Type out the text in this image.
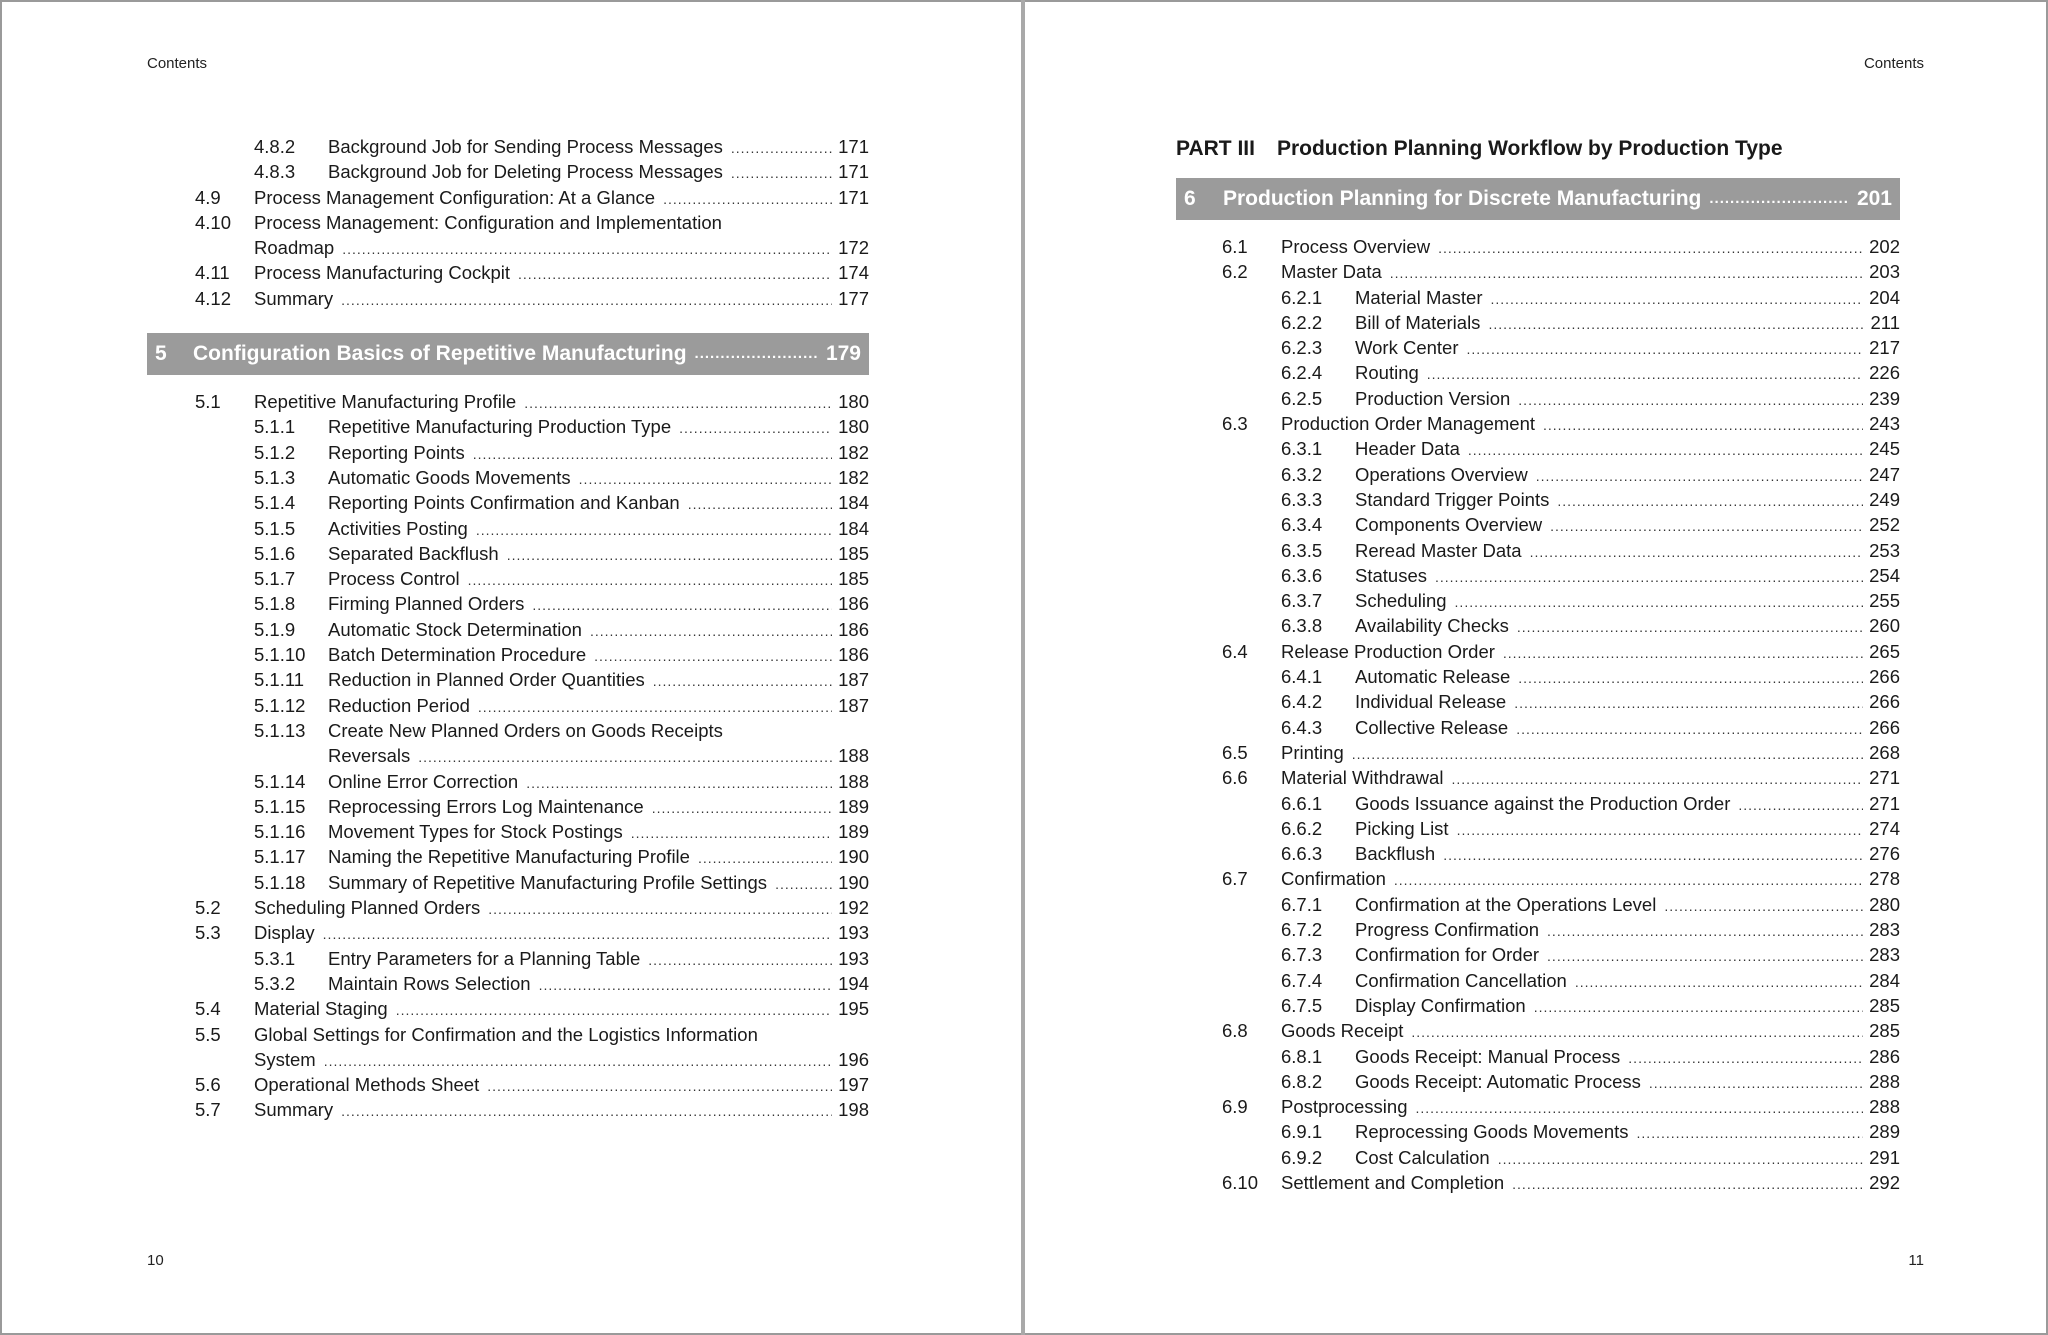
Contents
4.8.2 Background Job for Sending Process Messages .....	171
4.8.3 Background Job for Deleting Process Messages .....	171
4.9 Process Management Configuration: At a Glance .....	171
4.10 Process Management: Configuration and Implementation
Roadmap .....	172
4.11 Process Manufacturing Cockpit .....	174
4.12 Summary .....	177
5 Configuration Basics of Repetitive Manufacturing .....	179
5.1 Repetitive Manufacturing Profile .....	180
5.1.1 Repetitive Manufacturing Production Type .....	180
5.1.2 Reporting Points .....	182
5.1.3 Automatic Goods Movements .....	182
5.1.4 Reporting Points Confirmation and Kanban .....	184
5.1.5 Activities Posting .....	184
5.1.6 Separated Backflush .....	185
5.1.7 Process Control .....	185
5.1.8 Firming Planned Orders .....	186
5.1.9 Automatic Stock Determination .....	186
5.1.10 Batch Determination Procedure .....	186
5.1.11 Reduction in Planned Order Quantities .....	187
5.1.12 Reduction Period .....	187
5.1.13 Create New Planned Orders on Goods Receipts
Reversals .....	188
5.1.14 Online Error Correction .....	188
5.1.15 Reprocessing Errors Log Maintenance .....	189
5.1.16 Movement Types for Stock Postings .....	189
5.1.17 Naming the Repetitive Manufacturing Profile .....	190
5.1.18 Summary of Repetitive Manufacturing Profile Settings .....	190
5.2 Scheduling Planned Orders .....	192
5.3 Display .....	193
5.3.1 Entry Parameters for a Planning Table .....	193
5.3.2 Maintain Rows Selection .....	194
5.4 Material Staging .....	195
5.5 Global Settings for Confirmation and the Logistics Information
System .....	196
5.6 Operational Methods Sheet .....	197
5.7 Summary .....	198
10
Contents
PART III Production Planning Workflow by Production Type
6 Production Planning for Discrete Manufacturing .....	201
6.1 Process Overview .....	202
6.2 Master Data .....	203
6.2.1 Material Master .....	204
6.2.2 Bill of Materials .....	211
6.2.3 Work Center .....	217
6.2.4 Routing .....	226
6.2.5 Production Version .....	239
6.3 Production Order Management .....	243
6.3.1 Header Data .....	245
6.3.2 Operations Overview .....	247
6.3.3 Standard Trigger Points .....	249
6.3.4 Components Overview .....	252
6.3.5 Reread Master Data .....	253
6.3.6 Statuses .....	254
6.3.7 Scheduling .....	255
6.3.8 Availability Checks .....	260
6.4 Release Production Order .....	265
6.4.1 Automatic Release .....	266
6.4.2 Individual Release .....	266
6.4.3 Collective Release .....	266
6.5 Printing .....	268
6.6 Material Withdrawal .....	271
6.6.1 Goods Issuance against the Production Order .....	271
6.6.2 Picking List .....	274
6.6.3 Backflush .....	276
6.7 Confirmation .....	278
6.7.1 Confirmation at the Operations Level .....	280
6.7.2 Progress Confirmation .....	283
6.7.3 Confirmation for Order .....	283
6.7.4 Confirmation Cancellation .....	284
6.7.5 Display Confirmation .....	285
6.8 Goods Receipt .....	285
6.8.1 Goods Receipt: Manual Process .....	286
6.8.2 Goods Receipt: Automatic Process .....	288
6.9 Postprocessing .....	288
6.9.1 Reprocessing Goods Movements .....	289
6.9.2 Cost Calculation .....	291
6.10 Settlement and Completion .....	292
11
